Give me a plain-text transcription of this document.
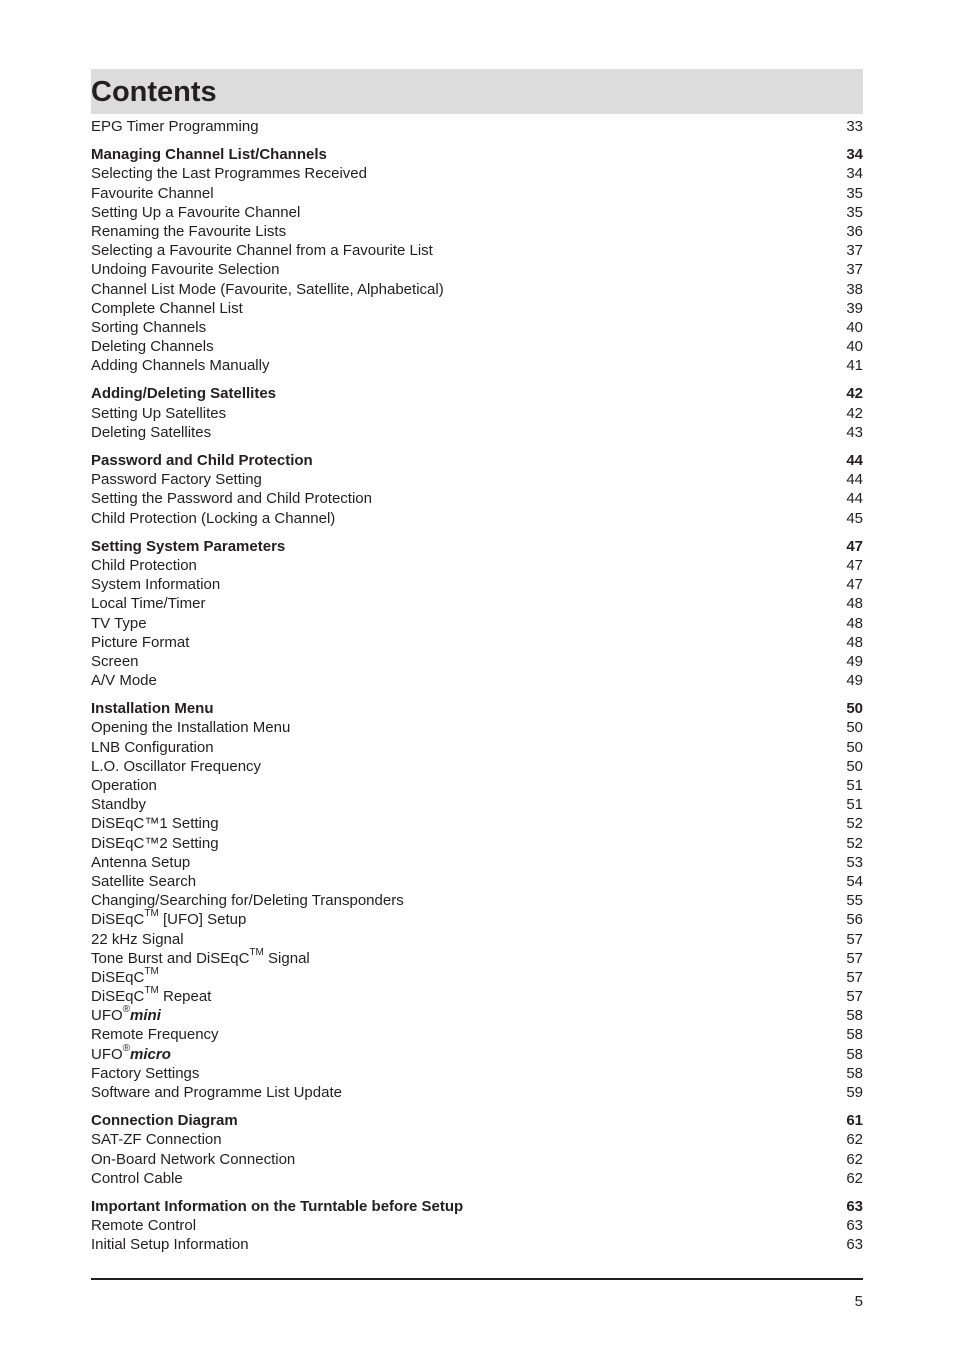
Contents
EPG Timer Programming	33
Managing Channel List/Channels	34
Selecting the Last Programmes Received	34
Favourite Channel	35
Setting Up a Favourite Channel	35
Renaming the Favourite Lists	36
Selecting a Favourite Channel from a Favourite List	37
Undoing Favourite Selection	37
Channel List Mode (Favourite, Satellite, Alphabetical)	38
Complete Channel List	39
Sorting Channels	40
Deleting Channels	40
Adding Channels Manually	41
Adding/Deleting Satellites	42
Setting Up Satellites	42
Deleting Satellites	43
Password and Child Protection	44
Password Factory Setting	44
Setting the Password and Child Protection	44
Child Protection (Locking a Channel)	45
Setting System Parameters	47
Child Protection	47
System Information	47
Local Time/Timer	48
TV Type	48
Picture Format	48
Screen	49
A/V Mode	49
Installation Menu	50
Opening the Installation Menu	50
LNB Configuration	50
L.O. Oscillator Frequency	50
Operation	51
Standby	51
DiSEqC™1 Setting	52
DiSEqC™2 Setting	52
Antenna Setup	53
Satellite Search	54
Changing/Searching for/Deleting Transponders	55
DiSEqC™ [UFO] Setup	56
22 kHz Signal	57
Tone Burst and DiSEqC™ Signal	57
DiSEqC™	57
DiSEqC™ Repeat	57
UFO®mini	58
Remote Frequency	58
UFO®micro	58
Factory Settings	58
Software and Programme List Update	59
Connection Diagram	61
SAT-ZF Connection	62
On-Board Network Connection	62
Control Cable	62
Important Information on the Turntable before Setup	63
Remote Control	63
Initial Setup Information	63
5
